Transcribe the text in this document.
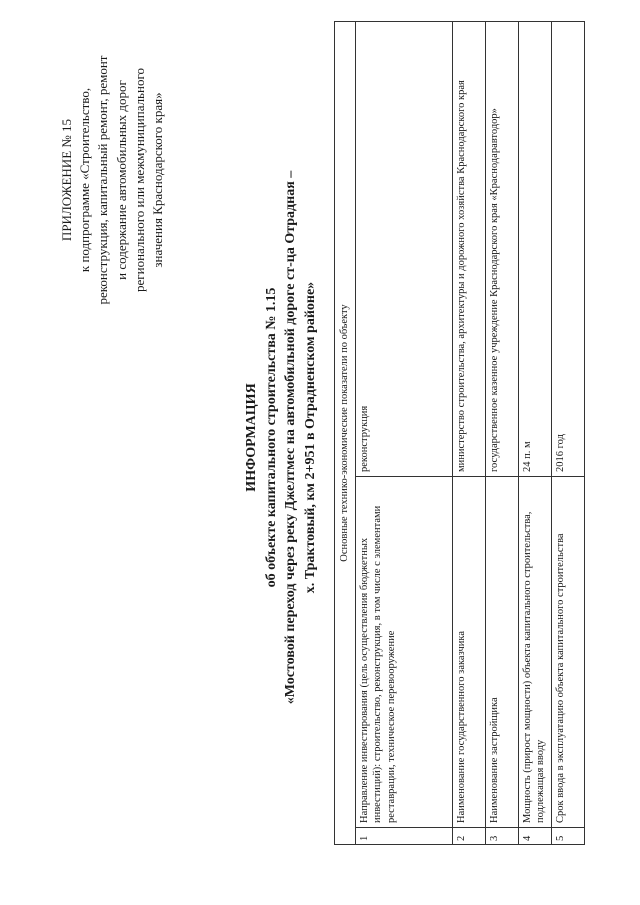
ПРИЛОЖЕНИЕ № 15 к подпрограмме «Строительство, реконструкция, капитальный ремонт, ремонт и содержание автомобильных дорог регионального или межмуниципального значения Краснодарского края»
ИНФОРМАЦИЯ об объекте капитального строительства № 1.15 «Мостовой переход через реку Джелтмес на автомобильной дороге ст-ца Отрадная – х. Трактовый, км 2+951 в Отрадненском районе» Основные технико-экономические показатели по объекту		
1	Направление инвестирования (цель осуществления бюджетных инвестиций): строительство, реконструкция, в том числе с элементами реставрации, техническое перевооружение	реконструкция
2	Наименование государственного заказчика	министерство строительства, архитектуры и дорожного хозяйства Краснодарского края
3	Наименование застройщика	государственное казенное учреждение Краснодарского края «Краснодаравтодор»
4	Мощность (прирост мощности) объекта капитального строительства, подлежащая вводу	24 п. м
5	Срок ввода в эксплуатацию объекта капитального строительства	2016 год
